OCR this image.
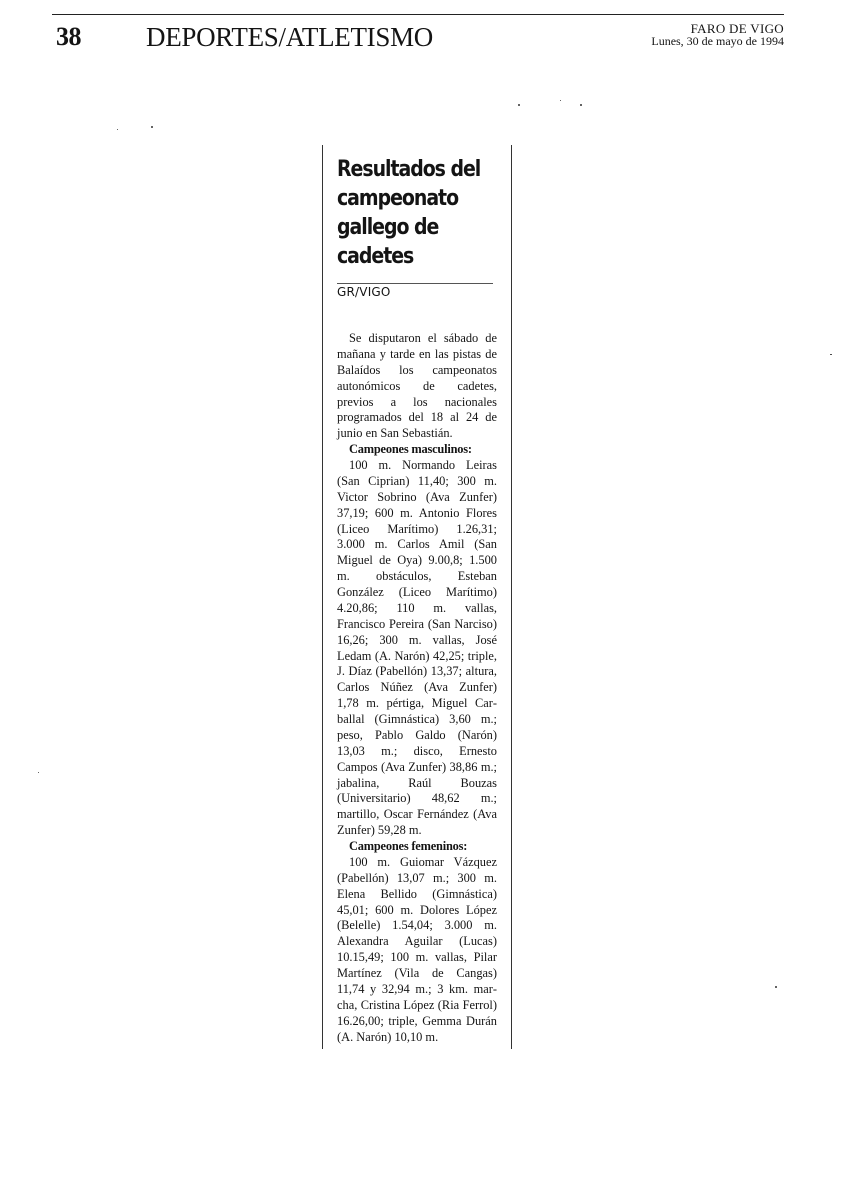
38 DEPORTES/ATLETISMO	FARO DE VIGO
Lunes, 30 de mayo de 1994
Resultados del
campeonato
gallego de
cadetes
GR/VIGO

Se disputaron el sábado de mañana y tarde en las pistas de Balaídos los campeonatos autonómicos de cadetes, previos a los nacionales programados del 18 al 24 de junio en San Sebastián.

Campeones masculinos:

100 m. Normando Leiras (San Ciprian) 11,40; 300 m. Victor Sobrino (Ava Zunfer) 37,19; 600 m. Antonio Flores (Liceo Marítimo) 1.26,31; 3.000 m. Carlos Amil (San Miguel de Oya) 9.00,8; 1.500 m. obstáculos, Esteban González (Liceo Marítimo) 4.20,86; 110 m. vallas, Francisco Pereira (San Narciso) 16,26; 300 m. vallas, José Ledam (A. Narón) 42,25; triple, J. Díaz (Pabellón) 13,37; altura, Carlos Núñez (Ava Zunfer) 1,78 m. pértiga, Miguel Carballal (Gimnástica) 3,60 m.; peso, Pablo Galdo (Narón) 13,03 m.; disco, Ernesto Campos (Ava Zunfer) 38,86 m.; jabalina, Raúl Bouzas (Universitario) 48,62 m.; martillo, Oscar Fernández (Ava Zunfer) 59,28 m.

Campeones femeninos:

100 m. Guiomar Vázquez (Pabellón) 13,07 m.; 300 m. Elena Bellido (Gimnástica) 45,01; 600 m. Dolores López (Belelle) 1.54,04; 3.000 m. Alexandra Aguilar (Lucas) 10.15,49; 100 m. vallas, Pilar Martínez (Vila de Cangas) 11,74 y 32,94 m.; 3 km. marcha, Cristina López (Ria Ferrol) 16.26,00; triple, Gemma Durán (A. Narón) 10,10 m.
